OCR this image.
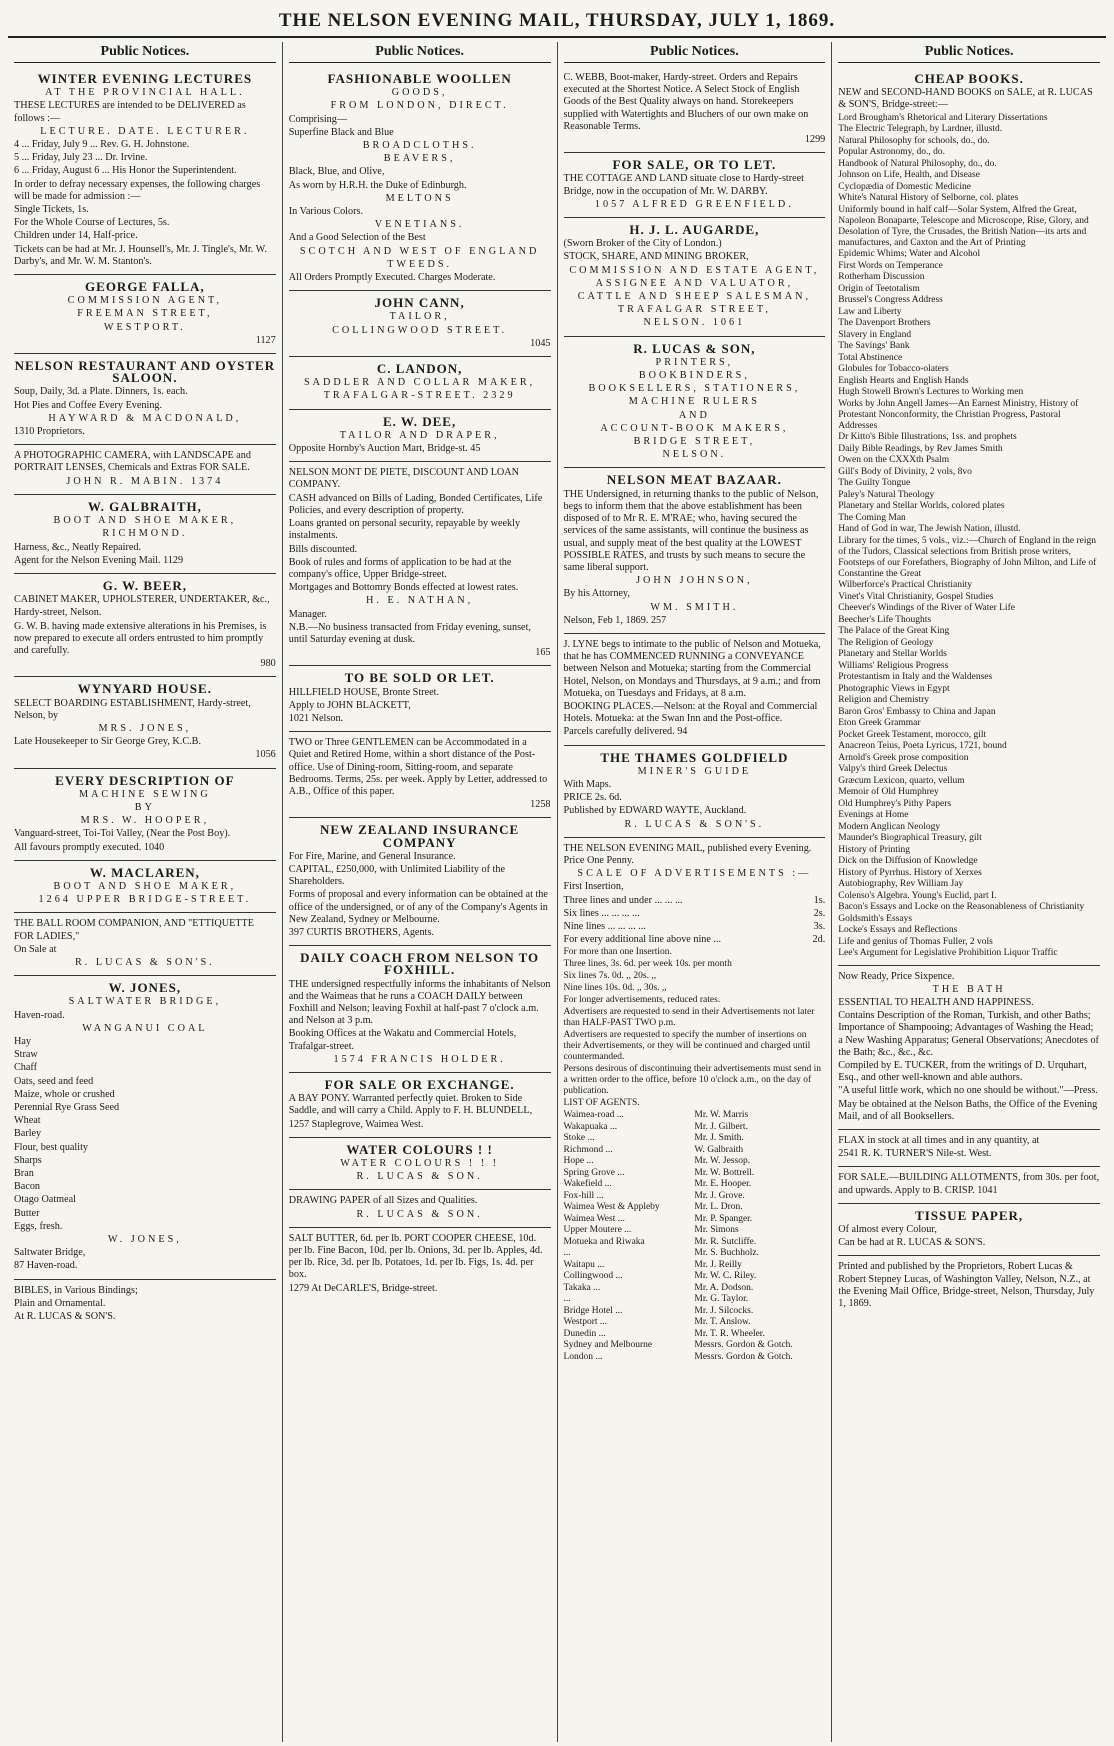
THE NELSON EVENING MAIL, THURSDAY, JULY 1, 1869.
Public Notices.
WINTER EVENING LECTURES
AT THE PROVINCIAL HALL.
THESE LECTURES are intended to be DELIVERED as follows :—
LECTURE. DATE. LECTURER.
4 ... Friday, July 9 ... Rev. G. H. Johnstone.
5 ... Friday, July 23 ... Dr. Irvine.
6 ... Friday, August 6 ... His Honor the Superintendent.
In order to defray necessary expenses, the following charges will be made for admission :—
Single Tickets, 1s.
For the Whole Course of Lectures, 5s.
Children under 14, Half-price.
Tickets can be had at Mr. J. Hounsell's, Mr. J. Tingle's, Mr. W. Darby's, and Mr. W. M. Stanton's.
GEORGE FALLA,
COMMISSION AGENT,
FREEMAN STREET,
WESTPORT.
1127
NELSON RESTAURANT AND OYSTER SALOON.
Soup, Daily, 3d. a Plate. Dinners, 1s. each.
Hot Pies and Coffee Every Evening.
HAYWARD & MACDONALD,
1310 Proprietors.
A PHOTOGRAPHIC CAMERA, with LANDSCAPE and PORTRAIT LENSES, Chemicals and Extras FOR SALE.
JOHN R. MABIN. 1374
W. GALBRAITH,
BOOT AND SHOE MAKER,
RICHMOND.
Harness, &c., Neatly Repaired.
Agent for the Nelson Evening Mail. 1129
G. W. BEER,
CABINET MAKER, UPHOLSTERER, UNDERTAKER, &c.,
Hardy-street, Nelson.
G. W. B. having made extensive alterations in his Premises, is now prepared to execute all orders entrusted to him promptly and carefully.
980
WYNYARD HOUSE.
SELECT BOARDING ESTABLISHMENT, Hardy-street, Nelson, by
MRS. JONES,
Late Housekeeper to Sir George Grey, K.C.B.
1056
EVERY DESCRIPTION OF
MACHINE SEWING
BY
MRS. W. HOOPER,
Vanguard-street, Toi-Toi Valley, (Near the Post Boy).
All favours promptly executed. 1040
W. MACLAREN,
BOOT AND SHOE MAKER,
1264 UPPER BRIDGE-STREET.
THE BALL ROOM COMPANION, AND "ETTIQUETTE FOR LADIES,"
On Sale at
R. LUCAS & SON'S.
W. JONES,
SALTWATER BRIDGE,
Haven-road.
WANGANUI COAL
Hay
Straw
Chaff
Oats, seed and feed
Maize, whole or crushed
Perennial Rye Grass Seed
Wheat
Barley
Flour, best quality
Sharps
Bran
Bacon
Otago Oatmeal
Butter
Eggs, fresh.
W. JONES,
Saltwater Bridge,
87 Haven-road.
BIBLES, in Various Bindings;
Plain and Ornamental.
At R. LUCAS & SON'S.
Public Notices.
FASHIONABLE WOOLLEN
GOODS,
FROM LONDON, DIRECT.
Comprising—
Superfine Black and Blue
BROADCLOTHS.
BEAVERS,
Black, Blue, and Olive,
As worn by H.R.H. the Duke of Edinburgh.
MELTONS
In Various Colors.
VENETIANS.
And a Good Selection of the Best
SCOTCH AND WEST OF ENGLAND
TWEEDS.
All Orders Promptly Executed. Charges Moderate.
JOHN CANN,
TAILOR,
COLLINGWOOD STREET.
1045
C. LANDON,
SADDLER AND COLLAR MAKER,
TRAFALGAR-STREET. 2329
E. W. DEE,
TAILOR AND DRAPER,
Opposite Hornby's Auction Mart, Bridge-st. 45
NELSON MONT DE PIETE, DISCOUNT AND LOAN COMPANY.
CASH advanced on Bills of Lading, Bonded Certificates, Life Policies, and every description of property.
Loans granted on personal security, repayable by weekly instalments.
Bills discounted.
Book of rules and forms of application to be had at the company's office, Upper Bridge-street.
Mortgages and Bottomry Bonds effected at lowest rates.
H. E. NATHAN,
Manager.
N.B.—No business transacted from Friday evening, sunset, until Saturday evening at dusk.
165
TO BE SOLD OR LET.
HILLFIELD HOUSE, Bronte Street.
Apply to JOHN BLACKETT,
1021 Nelson.
TWO or Three GENTLEMEN can be Accommodated in a Quiet and Retired Home, within a short distance of the Post-office. Use of Dining-room, Sitting-room, and separate Bedrooms. Terms, 25s. per week. Apply by Letter, addressed to A.B., Office of this paper.
1258
NEW ZEALAND INSURANCE COMPANY
For Fire, Marine, and General Insurance.
CAPITAL, £250,000, with Unlimited Liability of the Shareholders.
Forms of proposal and every information can be obtained at the office of the undersigned, or of any of the Company's Agents in New Zealand, Sydney or Melbourne.
397 CURTIS BROTHERS, Agents.
DAILY COACH FROM NELSON TO FOXHILL.
THE undersigned respectfully informs the inhabitants of Nelson and the Waimeas that he runs a COACH DAILY between Foxhill and Nelson; leaving Foxhil at half-past 7 o'clock a.m. and Nelson at 3 p.m.
Booking Offices at the Wakatu and Commercial Hotels, Trafalgar-street.
1574 FRANCIS HOLDER.
FOR SALE OR EXCHANGE.
A BAY PONY. Warranted perfectly quiet. Broken to Side Saddle, and will carry a Child. Apply to F. H. BLUNDELL,
1257 Staplegrove, Waimea West.
WATER COLOURS ! !
WATER COLOURS ! ! !
R. LUCAS & SON.
DRAWING PAPER of all Sizes and Qualities.
R. LUCAS & SON.
SALT BUTTER, 6d. per lb. PORT COOPER CHEESE, 10d. per lb. Fine Bacon, 10d. per lb. Onions, 3d. per lb. Apples, 4d. per lb. Rice, 3d. per lb. Potatoes, 1d. per lb. Figs, 1s. 4d. per box.
1279 At DeCARLE'S, Bridge-street.
Public Notices.
C. WEBB, Boot-maker, Hardy-street. Orders and Repairs executed at the Shortest Notice. A Select Stock of English Goods of the Best Quality always on hand. Storekeepers supplied with Watertights and Bluchers of our own make on Reasonable Terms.
1299
FOR SALE, OR TO LET.
THE COTTAGE AND LAND situate close to Hardy-street Bridge, now in the occupation of Mr. W. DARBY.
1057 ALFRED GREENFIELD.
H. J. L. AUGARDE,
(Sworn Broker of the City of London.)
STOCK, SHARE, AND MINING BROKER,
COMMISSION AND ESTATE AGENT,
ASSIGNEE AND VALUATOR,
CATTLE AND SHEEP SALESMAN,
TRAFALGAR STREET,
NELSON. 1061
R. LUCAS & SON,
PRINTERS,
BOOKBINDERS,
BOOKSELLERS, STATIONERS,
MACHINE RULERS
AND
ACCOUNT-BOOK MAKERS,
BRIDGE STREET,
NELSON.
NELSON MEAT BAZAAR.
THE Undersigned, in returning thanks to the public of Nelson, begs to inform them that the above establishment has been disposed of to Mr R. E. M'RAE; who, having secured the services of the same assistants, will continue the business as usual, and supply meat of the best quality at the LOWEST POSSIBLE RATES, and trusts by such means to secure the same liberal support.
JOHN JOHNSON,
By his Attorney,
WM. SMITH.
Nelson, Feb 1, 1869. 257
J. LYNE begs to intimate to the public of Nelson and Motueka, that he has COMMENCED RUNNING a CONVEYANCE between Nelson and Motueka; starting from the Commercial Hotel, Nelson, on Mondays and Thursdays, at 9 a.m.; and from Motueka, on Tuesdays and Fridays, at 8 a.m.
BOOKING PLACES.—Nelson: at the Royal and Commercial Hotels. Motueka: at the Swan Inn and the Post-office.
Parcels carefully delivered. 94
THE THAMES GOLDFIELD
MINER'S GUIDE
With Maps.
PRICE 2s. 6d.
Published by EDWARD WAYTE, Auckland.
R. LUCAS & SON'S.
THE NELSON EVENING MAIL, published every Evening. Price One Penny.
SCALE OF ADVERTISEMENTS :—
First Insertion,
Three lines and under ... ... ...	1s.
Six lines ... ... ... ...	2s.
Nine lines ... ... ... ...	3s.
For every additional line above nine ...	2d.
For more than one Insertion.
Three lines, 3s. 6d. per week 10s. per month
Six lines 7s. 0d. ,, 20s. ,,
Nine lines 10s. 0d. ,, 30s. ,,
For longer advertisements, reduced rates.
Advertisers are requested to send in their Advertisements not later than HALF-PAST TWO p.m.
Advertisers are requested to specify the number of insertions on their Advertisements, or they will be continued and charged until countermanded.
Persons desirous of discontinuing their advertisements must send in a written order to the office, before 10 o'clock a.m., on the day of publication.
LIST OF AGENTS.
Waimea-road ...	Mr. W. Marris
Wakapuaka ...	Mr. J. Gilbert.
Stoke ...	Mr. J. Smith.
Richmond ...	W. Galbraith
Hope ...	Mr. W. Jessop.
Spring Grove ...	Mr. W. Bottrell.
Wakefield ...	Mr. E. Hooper.
Fox-hill ...	Mr. J. Grove.
Waimea West & Appleby	Mr. L. Dron.
Waimea West ...	Mr. P. Spanger.
Upper Moutere ...	Mr. Simons
Motueka and Riwaka	Mr. R. Sutcliffe.
...	Mr. S. Buchholz.
Waitapu ...	Mr. J. Reilly
Collingwood ...	Mr. W. C. Riley.
Takaka ...	Mr. A. Dodson.
...	Mr. G. Taylor.
Bridge Hotel ...	Mr. J. Silcocks.
Westport ...	Mr. T. Anslow.
Dunedin ...	Mr. T. R. Wheeler.
Sydney and Melbourne	Messrs. Gordon & Gotch.
London ...	Messrs. Gordon & Gotch.
Public Notices.
CHEAP BOOKS.
NEW and SECOND-HAND BOOKS on SALE, at R. LUCAS & SON'S, Bridge-street:—
Lord Brougham's Rhetorical and Literary Dissertations
The Electric Telegraph, by Lardner, illustd.
Natural Philosophy for schools, do., do.
Popular Astronomy, do., do.
Handbook of Natural Philosophy, do., do.
Johnson on Life, Health, and Disease
Cyclopædia of Domestic Medicine
White's Natural History of Selborne, col. plates
Uniformly bound in half calf—Solar System, Alfred the Great, Napoleon Bonaparte, Telescope and Microscope, Rise, Glory, and Desolation of Tyre, the Crusades, the British Nation—its arts and manufactures, and Caxton and the Art of Printing
Epidemic Whims; Water and Alcohol
First Words on Temperance
Rotherham Discussion
Origin of Teetotalism
Brussel's Congress Address
Law and Liberty
The Davenport Brothers
Slavery in England
The Savings' Bank
Total Abstinence
Globules for Tobacco-olaters
English Hearts and English Hands
Hugh Stowell Brown's Lectures to Working men
Works by John Angell James—An Earnest Ministry, History of Protestant Nonconformity, the Christian Progress, Pastoral Addresses
Dr Kitto's Bible Illustrations, 1ss. and prophets
Daily Bible Readings, by Rev James Smith
Owen on the CXXXth Psalm
Gill's Body of Divinity, 2 vols, 8vo
The Guilty Tongue
Paley's Natural Theology
Planetary and Stellar Worlds, colored plates
The Coming Man
Hand of God in war, The Jewish Nation, illustd.
Library for the times, 5 vols., viz.:—Church of England in the reign of the Tudors, Classical selections from British prose writers, Footsteps of our Forefathers, Biography of John Milton, and Life of Constantine the Great
Wilberforce's Practical Christianity
Vinet's Vital Christianity, Gospel Studies
Cheever's Windings of the River of Water Life
Beecher's Life Thoughts
The Palace of the Great King
The Religion of Geology
Planetary and Stellar Worlds
Williams' Religious Progress
Protestantism in Italy and the Waldenses
Photographic Views in Egypt
Religion and Chemistry
Baron Gros' Embassy to China and Japan
Eton Greek Grammar
Pocket Greek Testament, morocco, gilt
Anacreon Teius, Poeta Lyricus, 1721, bound
Arnold's Greek prose composition
Valpy's third Greek Delectus
Græcum Lexicon, quarto, vellum
Memoir of Old Humphrey
Old Humphrey's Pithy Papers
Evenings at Home
Modern Anglican Neology
Maunder's Biographical Treasury, gilt
History of Printing
Dick on the Diffusion of Knowledge
History of Pyrrhus. History of Xerxes
Autobiography, Rev William Jay
Colenso's Algebra. Young's Euclid, part I.
Bacon's Essays and Locke on the Reasonableness of Christianity
Goldsmith's Essays
Locke's Essays and Reflections
Life and genius of Thomas Fuller, 2 vols
Lee's Argument for Legislative Prohibition Liquor Traffic
Now Ready, Price Sixpence.
THE BATH
ESSENTIAL TO HEALTH AND HAPPINESS.
Contains Description of the Roman, Turkish, and other Baths; Importance of Shampooing; Advantages of Washing the Head; a New Washing Apparatus; General Observations; Anecdotes of the Bath; &c., &c., &c.
Compiled by E. TUCKER, from the writings of D. Urquhart, Esq., and other well-known and able authors.
"A useful little work, which no one should be without."—Press.
May be obtained at the Nelson Baths, the Office of the Evening Mail, and of all Booksellers.
FLAX in stock at all times and in any quantity, at
2541 R. K. TURNER'S Nile-st. West.
FOR SALE.—BUILDING ALLOTMENTS, from 30s. per foot, and upwards. Apply to B. CRISP. 1041
TISSUE PAPER,
Of almost every Colour,
Can be had at R. LUCAS & SON'S.
Printed and published by the Proprietors, Robert Lucas & Robert Stepney Lucas, of Washington Valley, Nelson, N.Z., at the Evening Mail Office, Bridge-street, Nelson, Thursday, July 1, 1869.
